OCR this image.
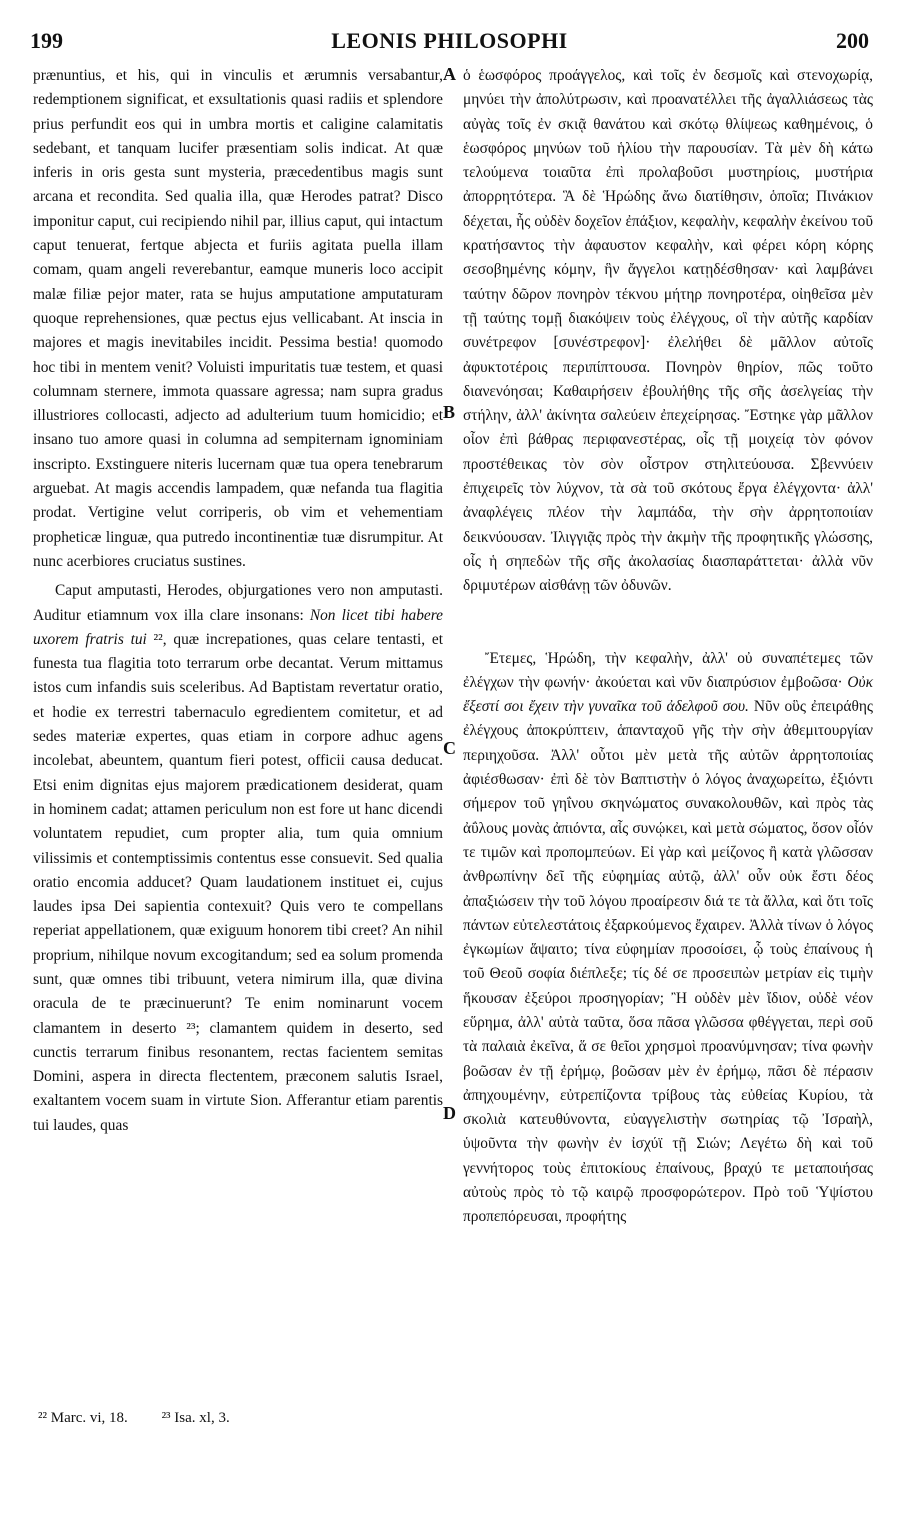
199	LEONIS PHILOSOPHI	200

prænuntius, et his, qui in vinculis et ærumnis versabantur, redemptionem significat, et exsultationis quasi radiis et splendore prius perfundit eos qui in umbra mortis et caligine calamitatis sedebant, et tanquam lucifer præsentiam solis indicat. At quæ inferis in oris gesta sunt mysteria, præcedentibus magis sunt arcana et recondita. Sed qualia illa, quæ Herodes patrat? Disco imponitur caput, cui recipiendo nihil par, illius caput, qui intactum caput tenuerat, fertque abjecta et furiis agitata puella illam comam, quam angeli reverebantur, eamque muneris loco accipit malæ filiæ pejor mater, rata se hujus amputatione amputaturam quoque reprehensiones, quæ pectus ejus vellicabant. At inscia in majores et magis inevitabiles incidit. Pessima bestia! quomodo hoc tibi in mentem venit? Voluisti impuritatis tuæ testem, et quasi columnam sternere, immota quassare agressa; nam supra gradus illustriores collocasti, adjecto ad adulterium tuum homicidio; et insano tuo amore quasi in columna ad sempiternam ignominiam inscripto. Exstinguere niteris lucernam quæ tua opera tenebrarum arguebat. At magis accendis lampadem, quæ nefanda tua flagitia prodat. Vertigine velut corriperis, ob vim et vehementiam propheticæ linguæ, qua putredo incontinentiæ tuæ disrumpitur. At nunc acerbiores cruciatus sustines.

Caput amputasti, Herodes, objurgationes vero non amputasti. Auditur etiamnum vox illa clare insonans: Non licet tibi habere uxorem fratris tui ²², quæ increpationes, quas celare tentasti, et funesta tua flagitia toto terrarum orbe decantat. Verum mittamus istos cum infandis suis sceleribus. Ad Baptistam revertatur oratio, et hodie ex terrestri tabernaculo egredientem comitetur, et ad sedes materiæ expertes, quas etiam in corpore adhuc agens incolebat, abeuntem, quantum fieri potest, officii causa deducat. Etsi enim dignitas ejus majorem prædicationem desiderat, quam in hominem cadat; attamen periculum non est fore ut hanc dicendi voluntatem repudiet, cum propter alia, tum quia omnium vilissimis et contemptissimis contentus esse consuevit. Sed qualia oratio encomia adducet? Quam laudationem instituet ei, cujus laudes ipsa Dei sapientia contexuit? Quis vero te compellans reperiat appellationem, quæ exiguum honorem tibi creet? An nihil proprium, nihilque novum excogitandum; sed ea solum promenda sunt, quæ omnes tibi tribuunt, vetera nimirum illa, quæ divina oracula de te præcinuerunt? Te enim nominarunt vocem clamantem in deserto ²³; clamantem quidem in deserto, sed cunctis terrarum finibus resonantem, rectas facientem semitas Domini, aspera in directa flectentem, præconem salutis Israel, exaltantem vocem suam in virtute Sion. Afferantur etiam parentis tui laudes, quas

A
B
C
D

ὁ ἑωσφόρος προάγγελος, καὶ τοῖς ἐν δεσμοῖς καὶ στενοχωρίᾳ, μηνύει τὴν ἀπολύτρωσιν, καὶ προανατέλλει τῆς ἀγαλλιάσεως τὰς αὐγὰς τοῖς ἐν σκιᾷ θανάτου καὶ σκότῳ θλίψεως καθημένοις, ὁ ἑωσφόρος μηνύων τοῦ ἡλίου τὴν παρουσίαν. Τὰ μὲν δὴ κάτω τελούμενα τοιαῦτα ἐπὶ προλαβοῦσι μυστηρίοις, μυστήρια ἀπορρητότερα. Ἃ δὲ Ἡρώδης ἄνω διατίθησιν, ὁποῖα; Πινάκιον δέχεται, ἧς οὐδὲν δοχεῖον ἐπάξιον, κεφαλὴν, κεφαλὴν ἐκείνου τοῦ κρατήσαντος τὴν ἀφαυστον κεφαλὴν, καὶ φέρει κόρη κόρης σεσοβημένης κόμην, ἣν ἄγγελοι κατῃδέσθησαν· καὶ λαμβάνει ταύτην δῶρον πονηρὸν τέκνου μήτηρ πονηροτέρα, οἰηθεῖσα μὲν τῇ ταύτης τομῇ διακόψειν τοὺς ἐλέγχους, οἳ τὴν αὐτῆς καρδίαν συνέτρεφον [συνέστρεφον]· ἐλελήθει δὲ μᾶλλον αὐτοῖς ἀφυκτοτέροις περιπίπτουσα. Πονηρὸν θηρίον, πῶς τοῦτο διανενόησαι; Καθαιρήσειν ἐβουλήθης τῆς σῆς ἀσελγείας τὴν στήλην, ἀλλ' ἀκίνητα σαλεύειν ἐπεχείρησας. Ἔστηκε γὰρ μᾶλλον οἷον ἐπὶ βάθρας περιφανεστέρας, οἷς τῇ μοιχείᾳ τὸν φόνον προστέθεικας τὸν σὸν οἶστρον στηλιτεύουσα. Σβεννύειν ἐπιχειρεῖς τὸν λύχνον, τὰ σὰ τοῦ σκότους ἔργα ἐλέγχοντα· ἀλλ' ἀναφλέγεις πλέον τὴν λαμπάδα, τὴν σὴν ἀρρητοποιίαν δεικνύουσαν. Ἰλιγγιᾷς πρὸς τὴν ἀκμὴν τῆς προφητικῆς γλώσσης, οἷς ἡ σηπεδὼν τῆς σῆς ἀκολασίας διασπαράττεται· ἀλλὰ νῦν δριμυτέρων αἰσθάνῃ τῶν ὀδυνῶν.

Ἔτεμες, Ἡρώδη, τὴν κεφαλὴν, ἀλλ' οὐ συναπέτεμες τῶν ἐλέγχων τὴν φωνήν· ἀκούεται καὶ νῦν διαπρύσιον ἐμβοῶσα· Οὐκ ἔξεστί σοι ἔχειν τὴν γυναῖκα τοῦ ἀδελφοῦ σου. Νῦν οὓς ἐπειράθης ἐλέγχους ἀποκρύπτειν, ἁπανταχοῦ γῆς τὴν σὴν ἀθεμιτουργίαν περιηχοῦσα. Ἀλλ' οὗτοι μὲν μετὰ τῆς αὐτῶν ἀρρητοποιίας ἀφιέσθωσαν· ἐπὶ δὲ τὸν Βαπτιστὴν ὁ λόγος ἀναχωρείτω, ἐξιόντι σήμερον τοῦ γηΐνου σκηνώματος συνακολουθῶν, καὶ πρὸς τὰς ἀΰλους μονὰς ἀπιόντα, αἷς συνῴκει, καὶ μετὰ σώματος, ὅσον οἷόν τε τιμῶν καὶ προπομπεύων. Εἰ γὰρ καὶ μείζονος ἢ κατὰ γλῶσσαν ἀνθρωπίνην δεῖ τῆς εὐφημίας αὐτῷ, ἀλλ' οὖν οὐκ ἔστι δέος ἀπαξιώσειν τὴν τοῦ λόγου προαίρεσιν διά τε τὰ ἄλλα, καὶ ὅτι τοῖς πάντων εὐτελεστάτοις ἐξαρκούμενος ἔχαιρεν. Ἀλλὰ τίνων ὁ λόγος ἐγκωμίων ἅψαιτο; τίνα εὐφημίαν προσοίσει, ᾧ τοὺς ἐπαίνους ἡ τοῦ Θεοῦ σοφία διέπλεξε; τίς δέ σε προσειπὼν μετρίαν εἰς τιμὴν ἥκουσαν ἐξεύροι προσηγορίαν; Ἢ οὐδὲν μὲν ἴδιον, οὐδὲ νέον εὕρημα, ἀλλ' αὐτὰ ταῦτα, ὅσα πᾶσα γλῶσσα φθέγγεται, περὶ σοῦ τὰ παλαιὰ ἐκεῖνα, ἅ σε θεῖοι χρησμοὶ προανύμνησαν; τίνα φωνὴν βοῶσαν ἐν τῇ ἐρήμῳ, βοῶσαν μὲν ἐν ἐρήμῳ, πᾶσι δὲ πέρασιν ἀπηχουμένην, εὐτρεπίζοντα τρίβους τὰς εὐθείας Κυρίου, τὰ σκολιὰ κατευθύνοντα, εὐαγγελιστὴν σωτηρίας τῷ Ἰσραὴλ, ὑψοῦντα τὴν φωνὴν ἐν ἰσχύϊ τῇ Σιών; Λεγέτω δὴ καὶ τοῦ γεννήτορος τοὺς ἐπιτοκίους ἐπαίνους, βραχύ τε μεταποιήσας αὐτοὺς πρὸς τὸ τῷ καιρῷ προσφορώτερον. Πρὸ τοῦ Ὑψίστου προπεπόρευσαι, προφήτης

²² Marc. vi, 18. ²³ Isa. xl, 3.
